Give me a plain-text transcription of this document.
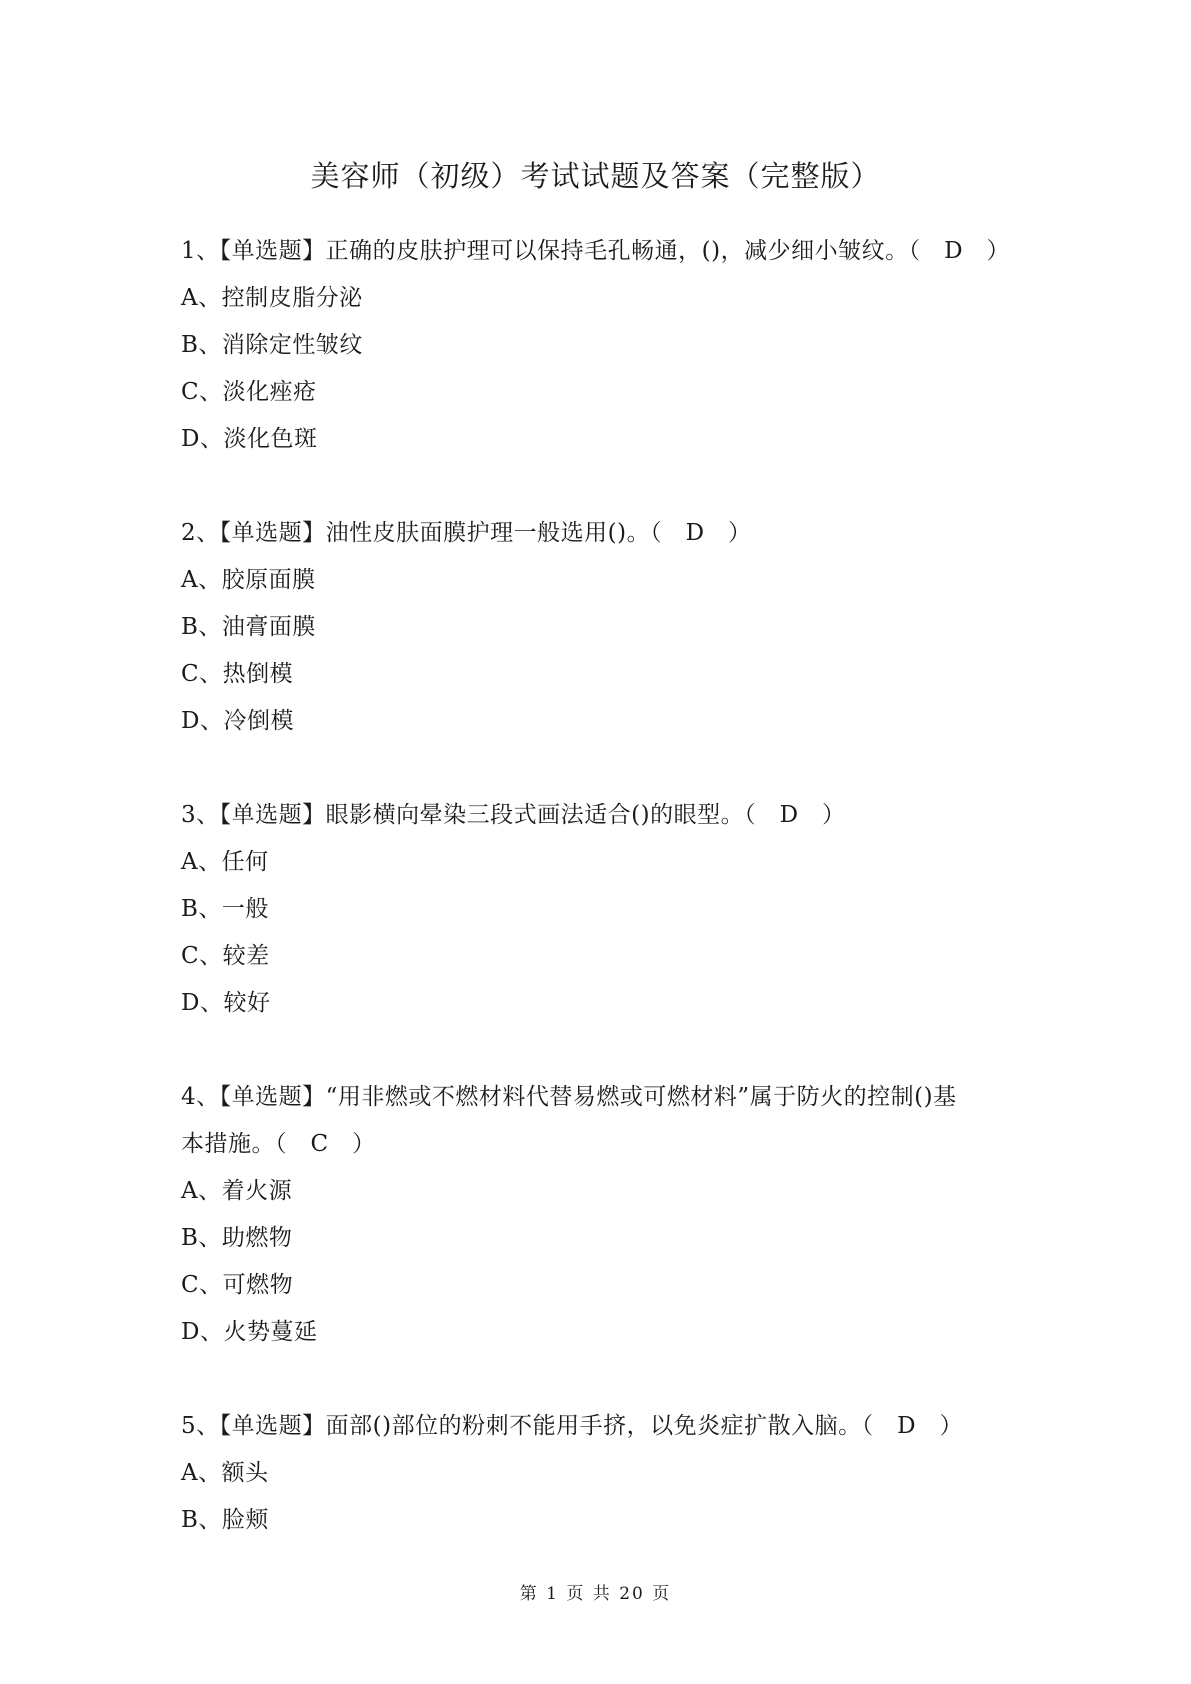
美容师（初级）考试试题及答案（完整版）
1、【单选题】正确的皮肤护理可以保持毛孔畅通，()，减少细小皱纹。（　D　）
A、控制皮脂分泌
B、消除定性皱纹
C、淡化痤疮
D、淡化色斑
2、【单选题】油性皮肤面膜护理一般选用()。（　D　）
A、胶原面膜
B、油膏面膜
C、热倒模
D、冷倒模
3、【单选题】眼影横向晕染三段式画法适合()的眼型。（　D　）
A、任何
B、一般
C、较差
D、较好
4、【单选题】“用非燃或不燃材料代替易燃或可燃材料”属于防火的控制()基
本措施。（　C　）
A、着火源
B、助燃物
C、可燃物
D、火势蔓延
5、【单选题】面部()部位的粉刺不能用手挤，以免炎症扩散入脑。（　D　）
A、额头
B、脸颊
第 1 页 共 20 页
